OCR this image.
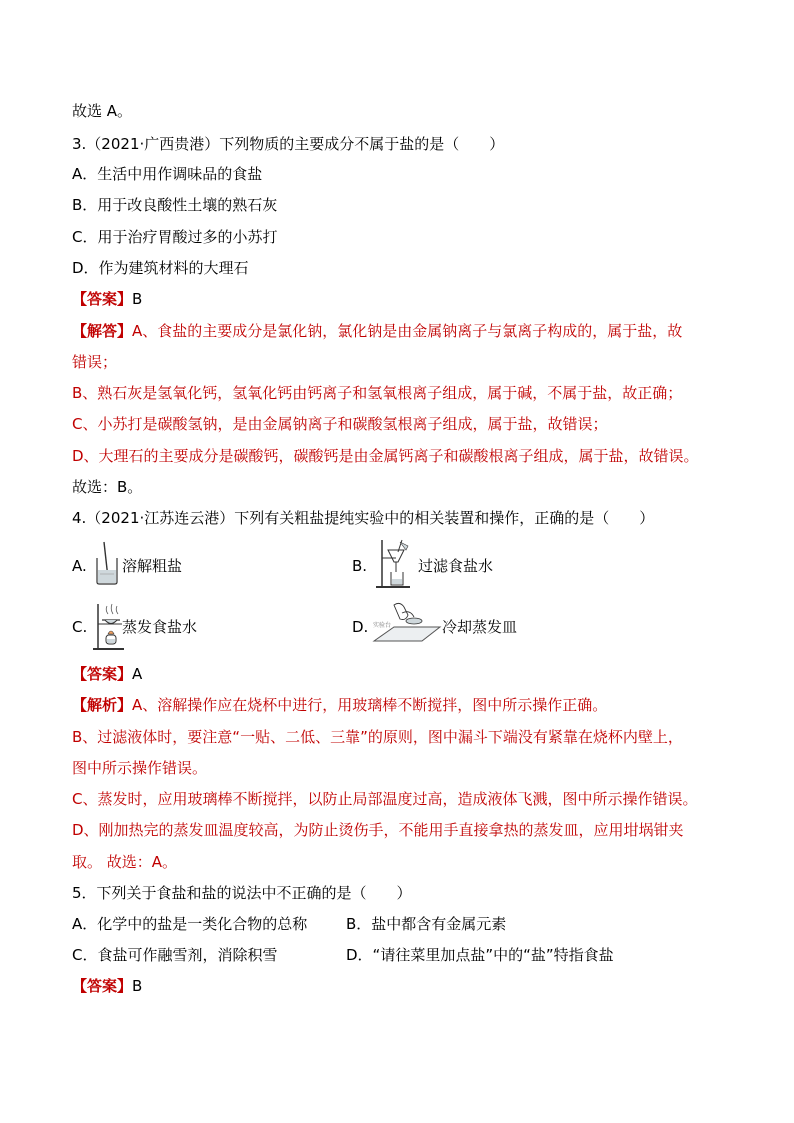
故选 A。
3.（2021·广西贵港）下列物质的主要成分不属于盐的是（　　）
A．生活中用作调味品的食盐
B．用于改良酸性土壤的熟石灰
C．用于治疗胃酸过多的小苏打
D．作为建筑材料的大理石
【答案】B
【解答】A、食盐的主要成分是氯化钠，氯化钠是由金属钠离子与氯离子构成的，属于盐，故
错误；
B、熟石灰是氢氧化钙，氢氧化钙由钙离子和氢氧根离子组成，属于碱，不属于盐，故正确；
C、小苏打是碳酸氢钠，是由金属钠离子和碳酸氢根离子组成，属于盐，故错误；
D、大理石的主要成分是碳酸钙，碳酸钙是由金属钙离子和碳酸根离子组成，属于盐，故错误。
故选：B。
4.（2021·江苏连云港）下列有关粗盐提纯实验中的相关装置和操作，正确的是（　　）
A. 溶解粗盐	B.	过滤食盐水
C. 蒸发食盐水	D. 实验台	冷却蒸发皿
【答案】A
【解析】A、溶解操作应在烧杯中进行，用玻璃棒不断搅拌，图中所示操作正确。
B、过滤液体时，要注意“一贴、二低、三靠”的原则，图中漏斗下端没有紧靠在烧杯内壁上，
图中所示操作错误。
C、蒸发时，应用玻璃棒不断搅拌，以防止局部温度过高，造成液体飞溅，图中所示操作错误。
D、刚加热完的蒸发皿温度较高，为防止烫伤手，不能用手直接拿热的蒸发皿，应用坩埚钳夹
取。 故选：A。
5．下列关于食盐和盐的说法中不正确的是（　　）
A．化学中的盐是一类化合物的总称	B．盐中都含有金属元素
C．食盐可作融雪剂，消除积雪	D．“请往菜里加点盐”中的“盐”特指食盐
【答案】B
